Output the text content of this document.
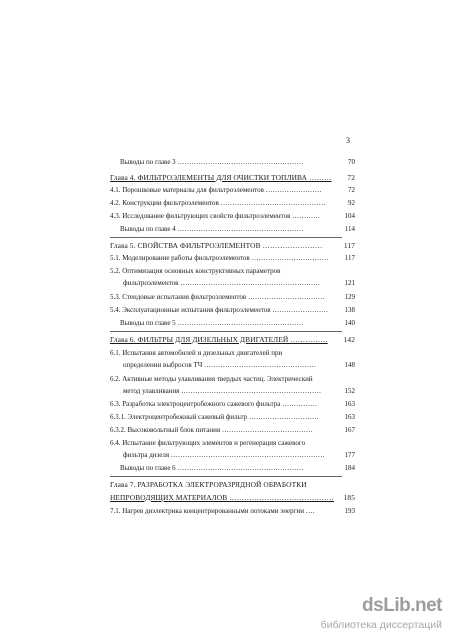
3
Выводы по главе 3 ………………………………………………	70
Глава 4. ФИЛЬТРОЭЛЕМЕНТЫ ДЛЯ ОЧИСТКИ ТОПЛИВА ………	72
4.1. Порошковые материалы для фильтроэлементов ……………………	72
4.2. Конструкции фильтроэлементов ………………………………………	92
4.3. Исследование фильтрующих свойств фильтроэлементов …………	104
Выводы по главе 4 ………………………………………………	114
Глава 5. СВОЙСТВА ФИЛЬТРОЭЛЕМЕНТОВ ……………………	117
5.1. Моделирование работы фильтроэлементов ……………………………	117
5.2. Оптимизация основных конструктивных параметров
фильтроэлементов ……………………………………………………	121
5.3. Стендовые испытания фильтроэлементов ……………………………	129
5.4. Эксплуатационные испытания фильтроэлементов ……………………	138
Выводы по главе 5 ………………………………………………	140
Глава 6. ФИЛЬТРЫ ДЛЯ ДИЗЕЛЬНЫХ ДВИГАТЕЛЕЙ ……………	142
6.1. Испытания автомобилей и дизельных двигателей при
определении выбросов ТЧ …………………………………………	148
6.2. Активные методы улавливания твердых частиц. Электрический
метод улавливания ……………………………………………………	152
6.3. Разработка электроцентробежного сажевого фильтра ……………	163
6.3.1. Электроцентробежный сажевый фильтр …………………………	163
6.3.2. Высоковольтный блок питания …………………………………	167
6.4. Испытание фильтрующих элементов и регенерация сажевого
фильтра дизеля …………………………………………………………	177
Выводы по главе 6 ………………………………………………	184
Глава 7. РАЗРАБОТКА ЭЛЕКТРОРАЗРЯДНОЙ ОБРАБОТКИ
НЕПРОВОДЯЩИХ МАТЕРИАЛОВ ……………………………………	185
7.1. Нагрев диэлектрика концентрированными потоками энергии ….	193
dsLib.net
библиотека диссертаций
